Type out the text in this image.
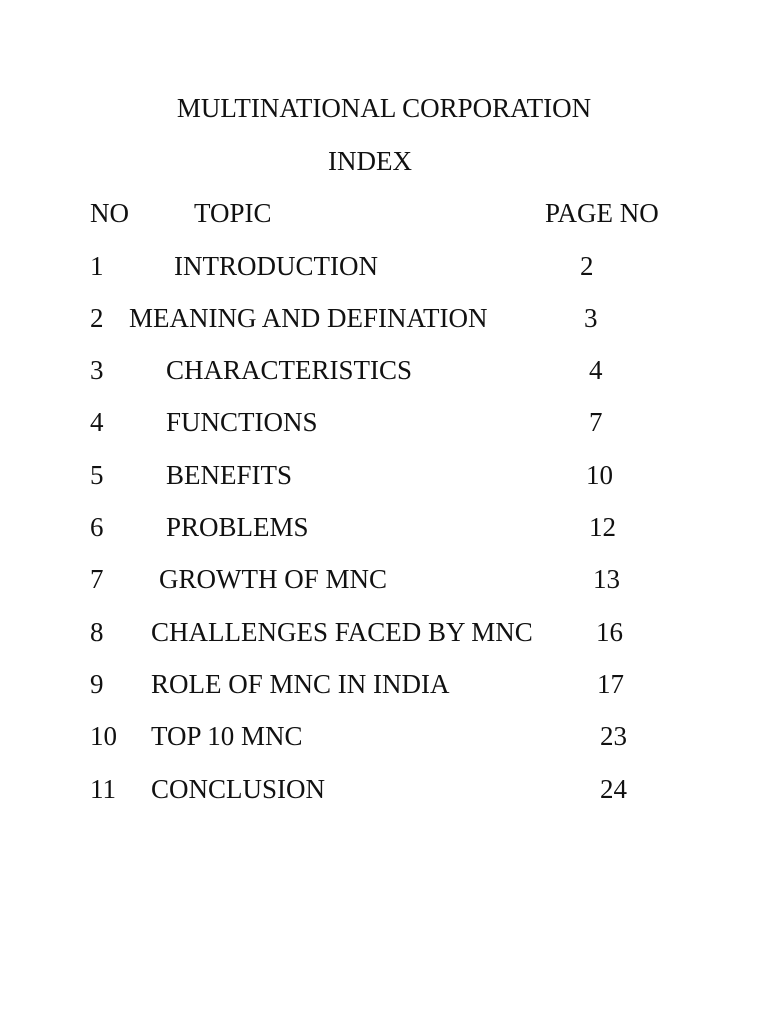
MULTINATIONAL CORPORATION
INDEX
NO TOPIC	PAGE NO
1	INTRODUCTION	2
2 MEANING AND DEFINATION	3
3 CHARACTERISTICS	4
4 FUNCTIONS	7
5 BENEFITS	10
6 PROBLEMS	12
7 GROWTH OF MNC	13
8 CHALLENGES FACED BY MNC 16
9 ROLE OF MNC IN INDIA	17
10 TOP 10 MNC	23
11 CONCLUSION	24
